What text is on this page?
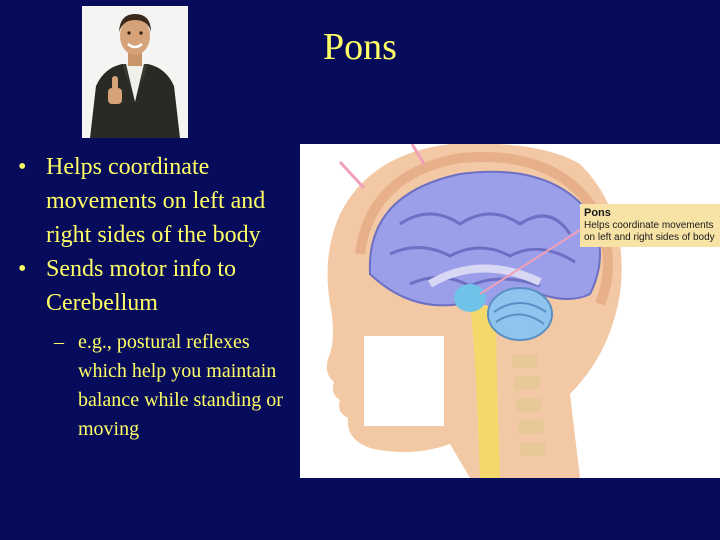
Pons
• Helps coordinate movements on left and right sides of the body
• Sends motor info to Cerebellum
– e.g., postural reflexes which help you maintain balance while standing or moving
Pons
Helps coordinate movements on left and right sides of body
